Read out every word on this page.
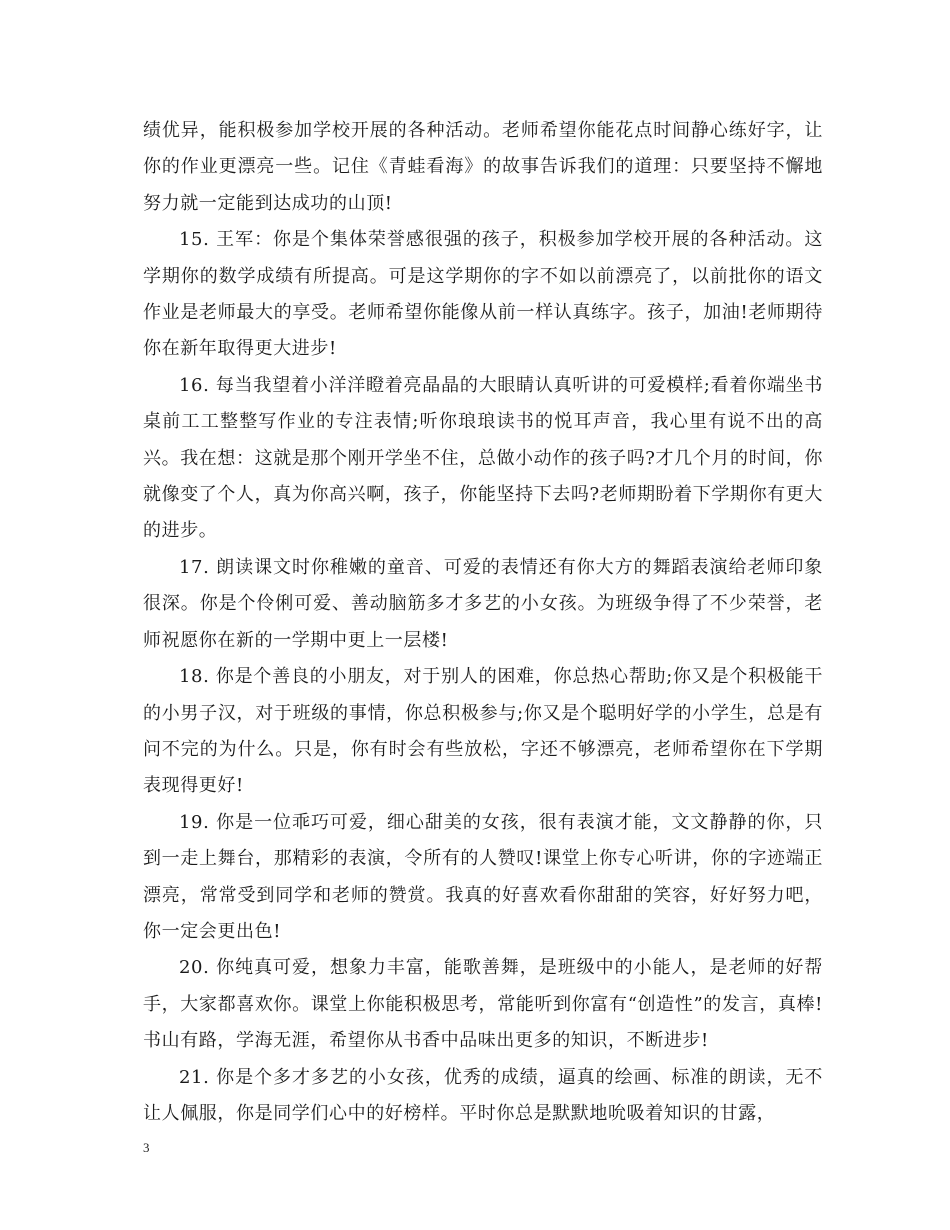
绩优异，能积极参加学校开展的各种活动。老师希望你能花点时间静心练好字，让你的作业更漂亮一些。记住《青蛙看海》的故事告诉我们的道理：只要坚持不懈地努力就一定能到达成功的山顶!

15. 王军：你是个集体荣誉感很强的孩子，积极参加学校开展的各种活动。这学期你的数学成绩有所提高。可是这学期你的字不如以前漂亮了，以前批你的语文作业是老师最大的享受。老师希望你能像从前一样认真练字。孩子，加油!老师期待你在新年取得更大进步!

16. 每当我望着小洋洋瞪着亮晶晶的大眼睛认真听讲的可爱模样;看着你端坐书桌前工工整整写作业的专注表情;听你琅琅读书的悦耳声音，我心里有说不出的高兴。我在想：这就是那个刚开学坐不住，总做小动作的孩子吗?才几个月的时间，你就像变了个人，真为你高兴啊，孩子，你能坚持下去吗?老师期盼着下学期你有更大的进步。

17. 朗读课文时你稚嫩的童音、可爱的表情还有你大方的舞蹈表演给老师印象很深。你是个伶俐可爱、善动脑筋多才多艺的小女孩。为班级争得了不少荣誉，老师祝愿你在新的一学期中更上一层楼!

18. 你是个善良的小朋友，对于别人的困难，你总热心帮助;你又是个积极能干的小男子汉，对于班级的事情，你总积极参与;你又是个聪明好学的小学生，总是有问不完的为什么。只是，你有时会有些放松，字还不够漂亮，老师希望你在下学期表现得更好!

19. 你是一位乖巧可爱，细心甜美的女孩，很有表演才能，文文静静的你，只到一走上舞台，那精彩的表演，令所有的人赞叹!课堂上你专心听讲，你的字迹端正漂亮，常常受到同学和老师的赞赏。我真的好喜欢看你甜甜的笑容，好好努力吧，你一定会更出色!

20. 你纯真可爱，想象力丰富，能歌善舞，是班级中的小能人，是老师的好帮手，大家都喜欢你。课堂上你能积极思考，常能听到你富有“创造性”的发言，真棒!书山有路，学海无涯，希望你从书香中品味出更多的知识，不断进步!

21. 你是个多才多艺的小女孩，优秀的成绩，逼真的绘画、标准的朗读，无不让人佩服，你是同学们心中的好榜样。平时你总是默默地吮吸着知识的甘露，

3
